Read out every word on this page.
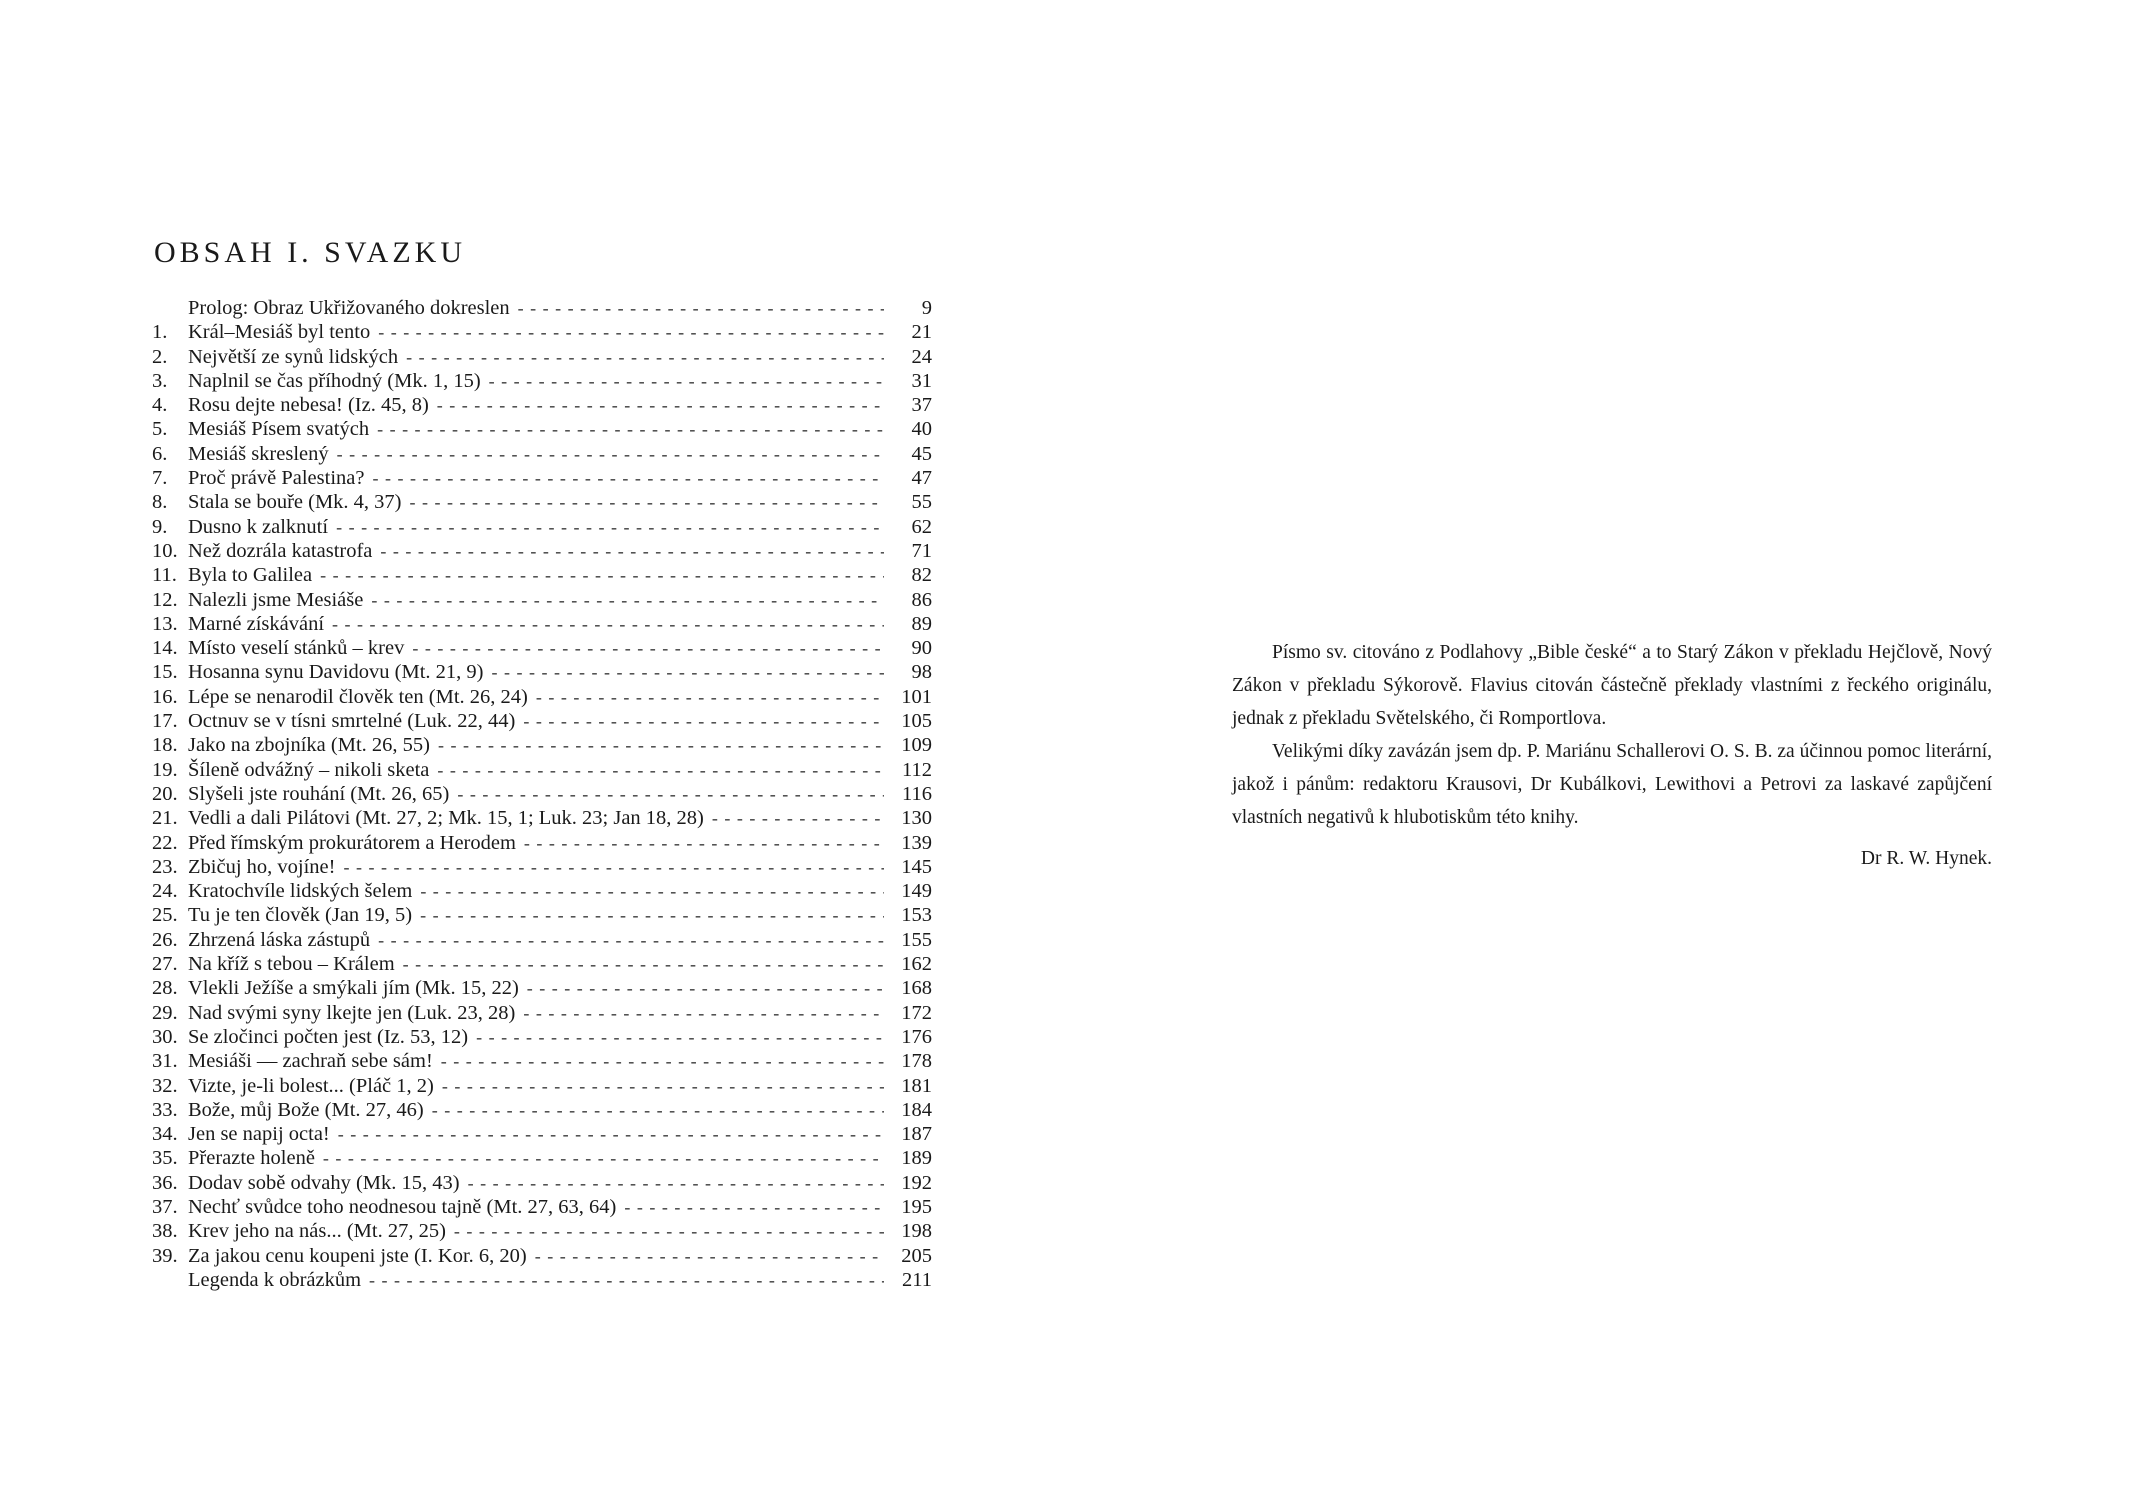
OBSAH I. SVAZKU
Prolog: Obraz Ukřižovaného dokreslen - - -	9
1.	Král–Mesiáš byl tento - - -	21
2.	Největší ze synů lidských - - -	24
3.	Naplnil se čas příhodný (Mk. 1, 15) - - -	31
4.	Rosu dejte nebesa! (Iz. 45, 8) - - -	37
5.	Mesiáš Písem svatých - - -	40
6.	Mesiáš skreslený - - -	45
7.	Proč právě Palestina? - - -	47
8.	Stala se bouře (Mk. 4, 37) - - -	55
9.	Dusno k zalknutí - - -	62
10. Než dozrála katastrofa - - -	71
11. Byla to Galilea - - -	82
12. Nalezli jsme Mesiáše - - -	86
13. Marné získávání - - -	89
14. Místo veselí stánků – krev - - -	90
15. Hosanna synu Davidovu (Mt. 21, 9) - - -	98
16. Lépe se nenarodil člověk ten (Mt. 26, 24) - - -	101
17. Octnuv se v tísni smrtelné (Luk. 22, 44) - - -	105
18. Jako na zbojníka (Mt. 26, 55) - - -	109
19. Šíleně odvážný – nikoli sketa - - -	112
20. Slyšeli jste rouhání (Mt. 26, 65) - - -	116
21. Vedli a dali Pilátovi (Mt. 27, 2; Mk. 15, 1; Luk. 23; Jan 18, 28) - - -	130
22. Před římským prokurátorem a Herodem - - -	139
23. Zbičuj ho, vojíne! - - -	145
24. Kratochvíle lidských šelem - - -	149
25. Tu je ten člověk (Jan 19, 5) - - -	153
26. Zhrzená láska zástupů - - -	155
27. Na kříž s tebou – Králem - - -	162
28. Vlekli Ježíše a smýkali jím (Mk. 15, 22) - - -	168
29. Nad svými syny lkejte jen (Luk. 23, 28) - - -	172
30. Se zločinci počten jest (Iz. 53, 12) - - -	176
31. Mesiáši — zachraň sebe sám! - - -	178
32. Vizte, je-li bolest... (Pláč 1, 2) - - -	181
33. Bože, můj Bože (Mt. 27, 46) - - -	184
34. Jen se napij octa! - - -	187
35. Přerazte holeně - - -	189
36. Dodav sobě odvahy (Mk. 15, 43) - - -	192
37. Nechť svůdce toho neodnesou tajně (Mt. 27, 63, 64) - - -	195
38. Krev jeho na nás... (Mt. 27, 25) - - -	198
39. Za jakou cenu koupeni jste (I. Kor. 6, 20) - - -	205
Legenda k obrázkům - - -	211

Písmo sv. citováno z Podlahovy „Bible české“ a to Starý Zákon v překladu Hejčlově, Nový Zákon v překladu Sýkorově. Flavius citován částečně překlady vlastními z řeckého originálu, jednak z překladu Světelského, či Romportlova.

Velikými díky zavázán jsem dp. P. Mariánu Schallerovi O. S. B. za účinnou pomoc literární, jakož i pánům: redaktoru Krausovi, Dr Kubálkovi, Lewithovi a Petrovi za laskavé zapůjčení vlastních negativů k hlubotiskům této knihy.

Dr R. W. Hynek.
